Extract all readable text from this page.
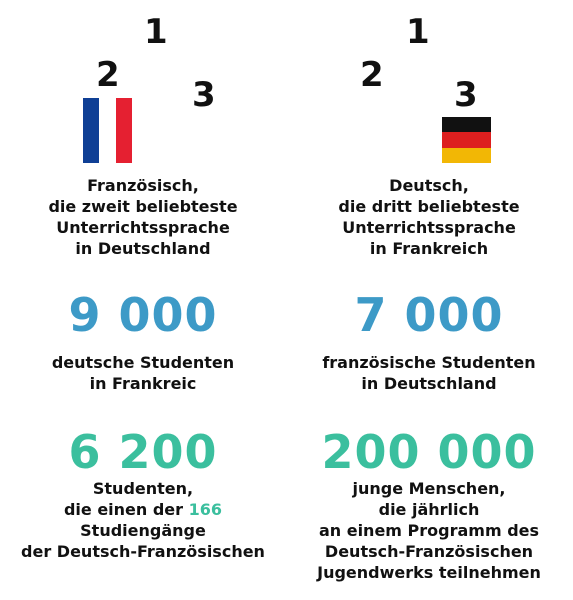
1
2 3
Französisch,
die zweit beliebteste
Unterrichtssprache
in Deutschland
9 000
deutsche Studenten
in Frankreic
6 200
Studenten,
die einen der 166
Studiengänge
der Deutsch-Französischen
1
2 3
Deutsch,
die dritt beliebteste
Unterrichtssprache
in Frankreich
7 000
französische Studenten
in Deutschland
200 000
junge Menschen,
die jährlich
an einem Programm des
Deutsch-Französischen
Jugendwerks teilnehmen
